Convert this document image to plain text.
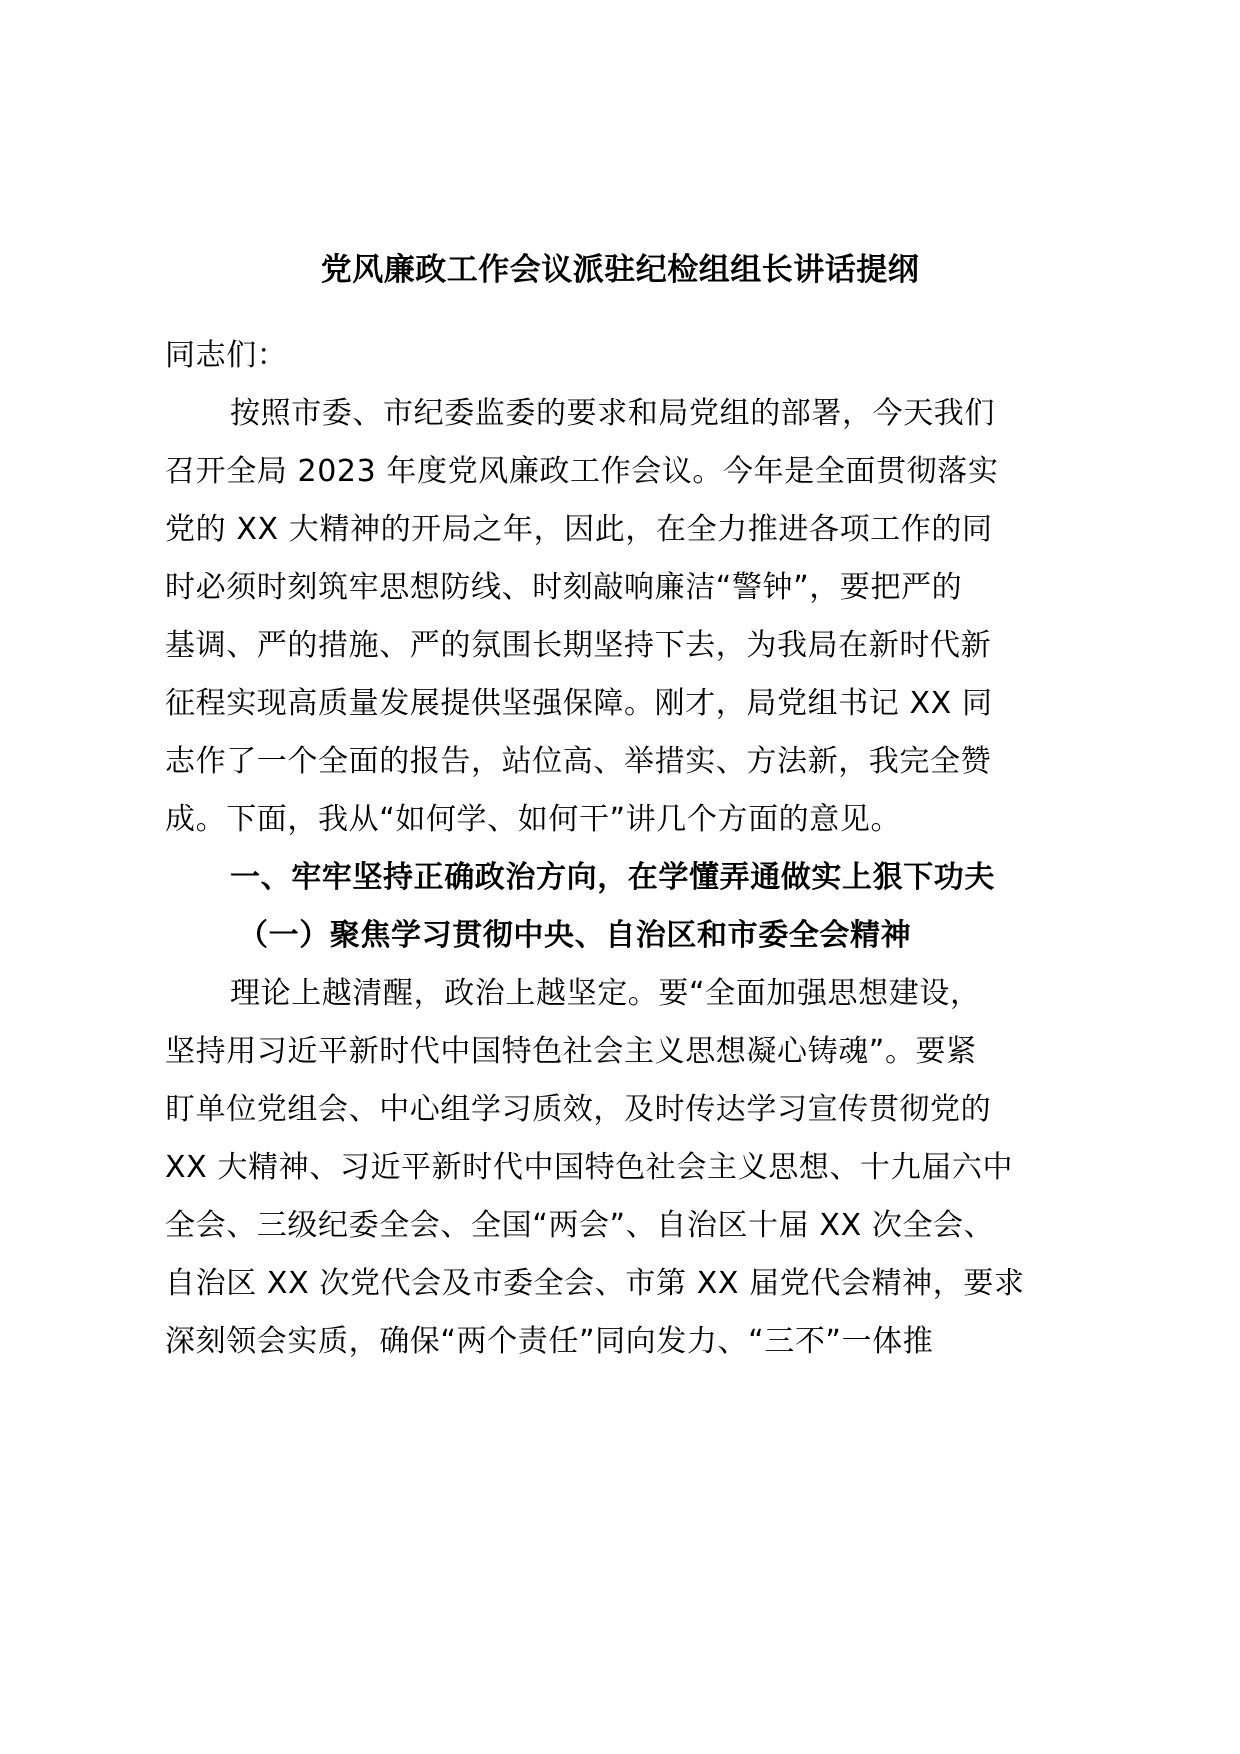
党风廉政工作会议派驻纪检组组长讲话提纲
同志们：
按照市委、市纪委监委的要求和局党组的部署，今天我们
召开全局 2023 年度党风廉政工作会议。今年是全面贯彻落实
党的 XX 大精神的开局之年，因此，在全力推进各项工作的同
时必须时刻筑牢思想防线、时刻敲响廉洁“警钟”，要把严的
基调、严的措施、严的氛围长期坚持下去，为我局在新时代新
征程实现高质量发展提供坚强保障。刚才，局党组书记 XX 同
志作了一个全面的报告，站位高、举措实、方法新，我完全赞
成。下面，我从“如何学、如何干”讲几个方面的意见。
一、牢牢坚持正确政治方向，在学懂弄通做实上狠下功夫
（一）聚焦学习贯彻中央、自治区和市委全会精神
理论上越清醒，政治上越坚定。要“全面加强思想建设，
坚持用习近平新时代中国特色社会主义思想凝心铸魂”。要紧
盯单位党组会、中心组学习质效，及时传达学习宣传贯彻党的
XX 大精神、习近平新时代中国特色社会主义思想、十九届六中
全会、三级纪委全会、全国“两会”、自治区十届 XX 次全会、
自治区 XX 次党代会及市委全会、市第 XX 届党代会精神，要求
深刻领会实质，确保“两个责任”同向发力、“三不”一体推
